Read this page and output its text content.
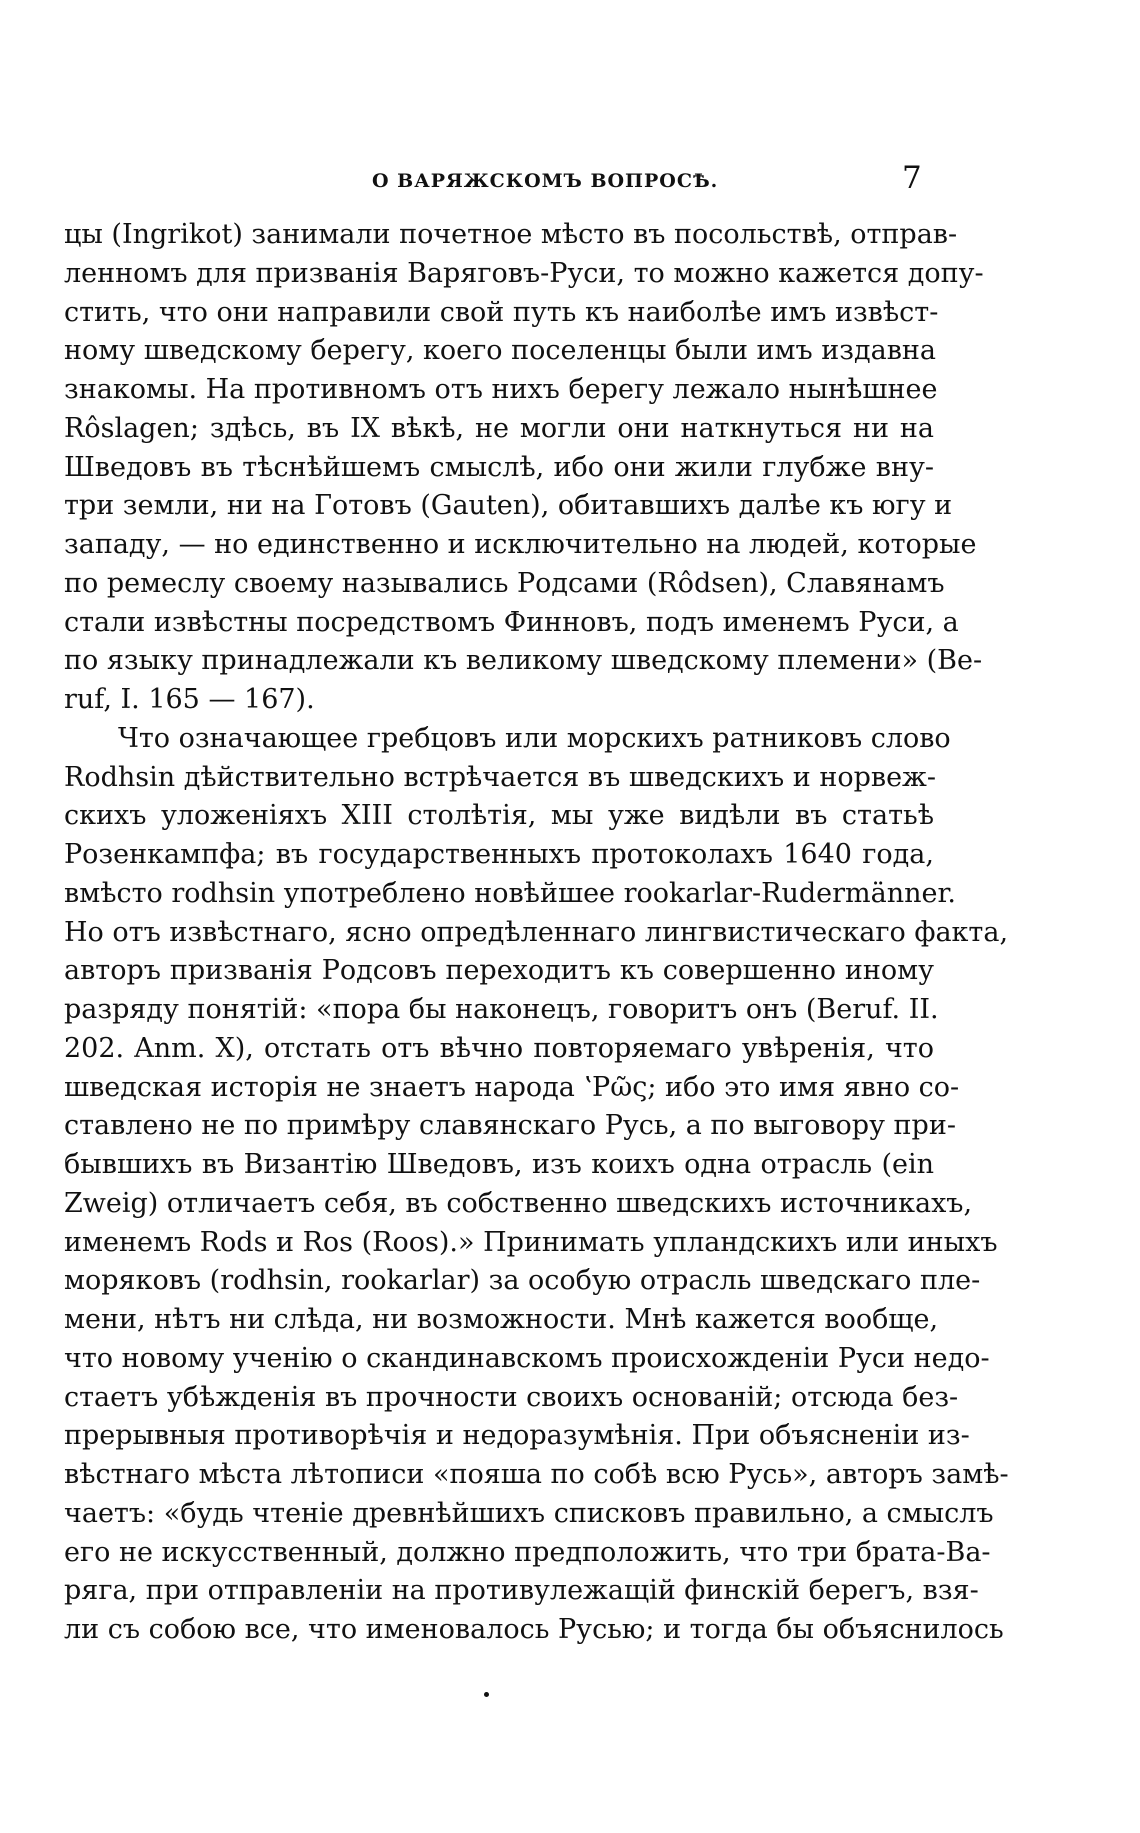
О ВАРЯЖСКОМЪ ВОПРОСѢ.	7
цы (Ingrikot) занимали почетное мѣсто въ посольствѣ, отправ-
ленномъ для призванія Варяговъ-Руси, то можно кажется допу-
стить, что они направили свой путь къ наиболѣе имъ извѣст-
ному шведскому берегу, коего поселенцы были имъ издавна
знакомы. На противномъ отъ нихъ берегу лежало нынѣшнее
Rôslagen; здѣсь, въ IX вѣкѣ, не могли они наткнуться ни на
Шведовъ въ тѣснѣйшемъ смыслѣ, ибо они жили глубже вну-
три земли, ни на Готовъ (Gauten), обитавшихъ далѣе къ югу и
западу, — но единственно и исключительно на людей, которые
по ремеслу своему назывались Родсами (Rôdsen), Славянамъ
стали извѣстны посредствомъ Финновъ, подъ именемъ Руси, а
по языку принадлежали къ великому шведскому племени» (Be-
ruf, I. 165 — 167).
Что означающее гребцовъ или морскихъ ратниковъ слово
Rodhsin дѣйствительно встрѣчается въ шведскихъ и норвеж-
скихъ уложеніяхъ XIII столѣтія, мы уже видѣли въ статьѣ
Розенкампфа; въ государственныхъ протоколахъ 1640 года,
вмѣсто rodhsin употреблено новѣйшее rookarlar-Rudermänner.
Но отъ извѣстнаго, ясно опредѣленнаго лингвистическаго факта,
авторъ призванія Родсовъ переходитъ къ совершенно иному
разряду понятій: «пора бы наконецъ, говоритъ онъ (Beruf. II.
202. Anm. X), отстать отъ вѣчно повторяемаго увѣренія, что
шведская исторія не знаетъ народа ʽΡῶς; ибо это имя явно со-
ставлено не по примѣру славянскаго Русь, а по выговору при-
бывшихъ въ Византію Шведовъ, изъ коихъ одна отрасль (ein
Zweig) отличаетъ себя, въ собственно шведскихъ источникахъ,
именемъ Rods и Ros (Roos).» Принимать упландскихъ или иныхъ
моряковъ (rodhsin, rookarlar) за особую отрасль шведскаго пле-
мени, нѣтъ ни слѣда, ни возможности. Мнѣ кажется вообще,
что новому ученію о скандинавскомъ происхожденіи Руси недо-
стаетъ убѣжденія въ прочности своихъ основаній; отсюда без-
прерывныя противорѣчія и недоразумѣнія. При объясненіи из-
вѣстнаго мѣста лѣтописи «пояша по собѣ всю Русь», авторъ замѣ-
чаетъ: «будь чтеніе древнѣйшихъ списковъ правильно, а смыслъ
его не искусственный, должно предположить, что три брата-Ва-
ряга, при отправленіи на противулежащій финскій берегъ, взя-
ли съ собою все, что именовалось Русью; и тогда бы объяснилось
